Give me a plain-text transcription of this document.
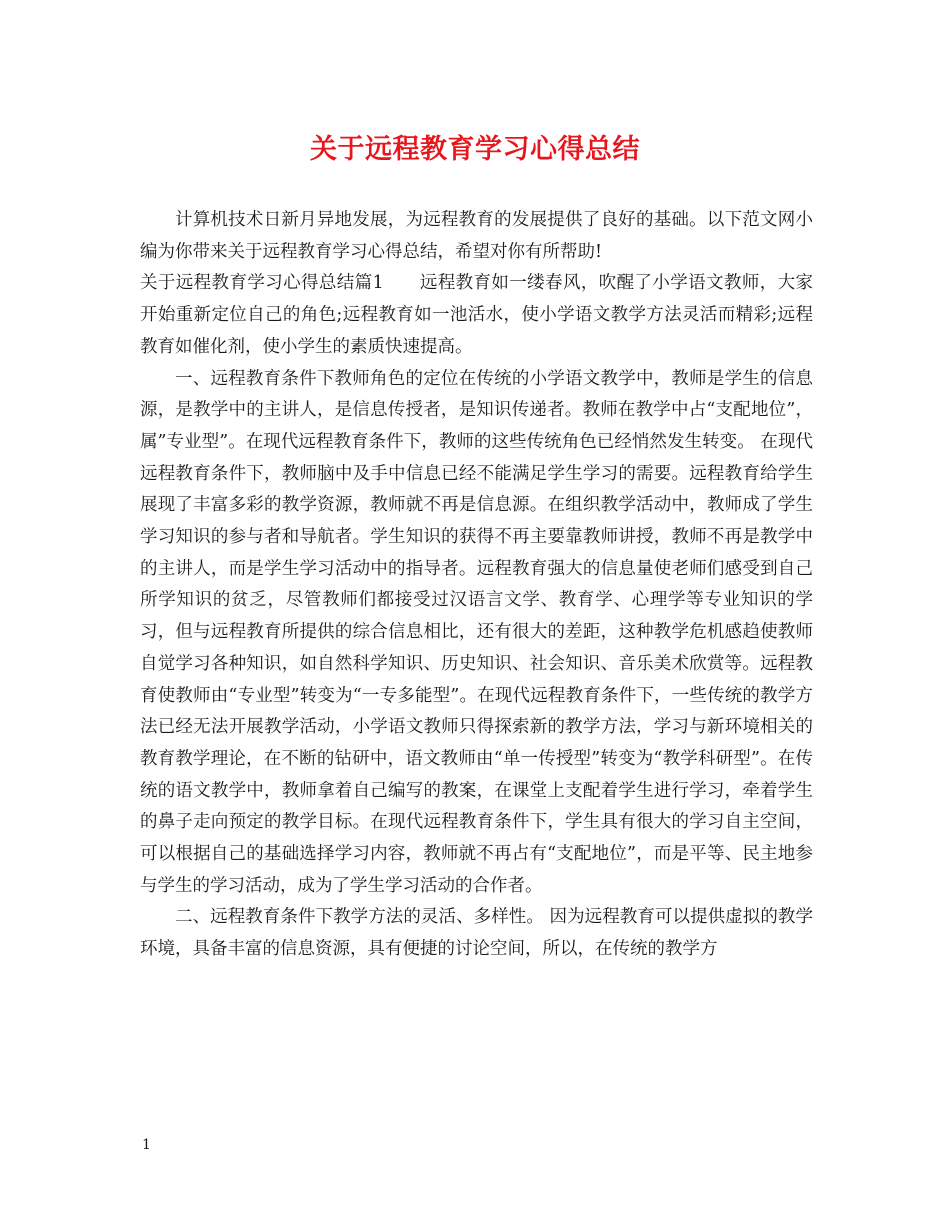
关于远程教育学习心得总结

计算机技术日新月异地发展，为远程教育的发展提供了良好的基础。以下范文网小编为你带来关于远程教育学习心得总结，希望对你有所帮助!

关于远程教育学习心得总结篇1　　远程教育如一缕春风，吹醒了小学语文教师，大家开始重新定位自己的角色;远程教育如一池活水，使小学语文教学方法灵活而精彩;远程教育如催化剂，使小学生的素质快速提高。

一、远程教育条件下教师角色的定位在传统的小学语文教学中，教师是学生的信息源，是教学中的主讲人，是信息传授者，是知识传递者。教师在教学中占“支配地位”，属”专业型”。在现代远程教育条件下，教师的这些传统角色已经悄然发生转变。 在现代远程教育条件下，教师脑中及手中信息已经不能满足学生学习的需要。远程教育给学生展现了丰富多彩的教学资源，教师就不再是信息源。在组织教学活动中，教师成了学生学习知识的参与者和导航者。学生知识的获得不再主要靠教师讲授，教师不再是教学中的主讲人，而是学生学习活动中的指导者。远程教育强大的信息量使老师们感受到自己所学知识的贫乏，尽管教师们都接受过汉语言文学、教育学、心理学等专业知识的学习，但与远程教育所提供的综合信息相比，还有很大的差距，这种教学危机感趋使教师自觉学习各种知识，如自然科学知识、历史知识、社会知识、音乐美术欣赏等。远程教育使教师由“专业型”转变为“一专多能型”。在现代远程教育条件下，一些传统的教学方法已经无法开展教学活动，小学语文教师只得探索新的教学方法，学习与新环境相关的教育教学理论，在不断的钻研中，语文教师由“单一传授型”转变为“教学科研型”。在传统的语文教学中，教师拿着自己编写的教案，在课堂上支配着学生进行学习，牵着学生的鼻子走向预定的教学目标。在现代远程教育条件下，学生具有很大的学习自主空间，可以根据自己的基础选择学习内容，教师就不再占有“支配地位”，而是平等、民主地参与学生的学习活动，成为了学生学习活动的合作者。

二、远程教育条件下教学方法的灵活、多样性。 因为远程教育可以提供虚拟的教学环境，具备丰富的信息资源，具有便捷的讨论空间，所以，在传统的教学方

1
